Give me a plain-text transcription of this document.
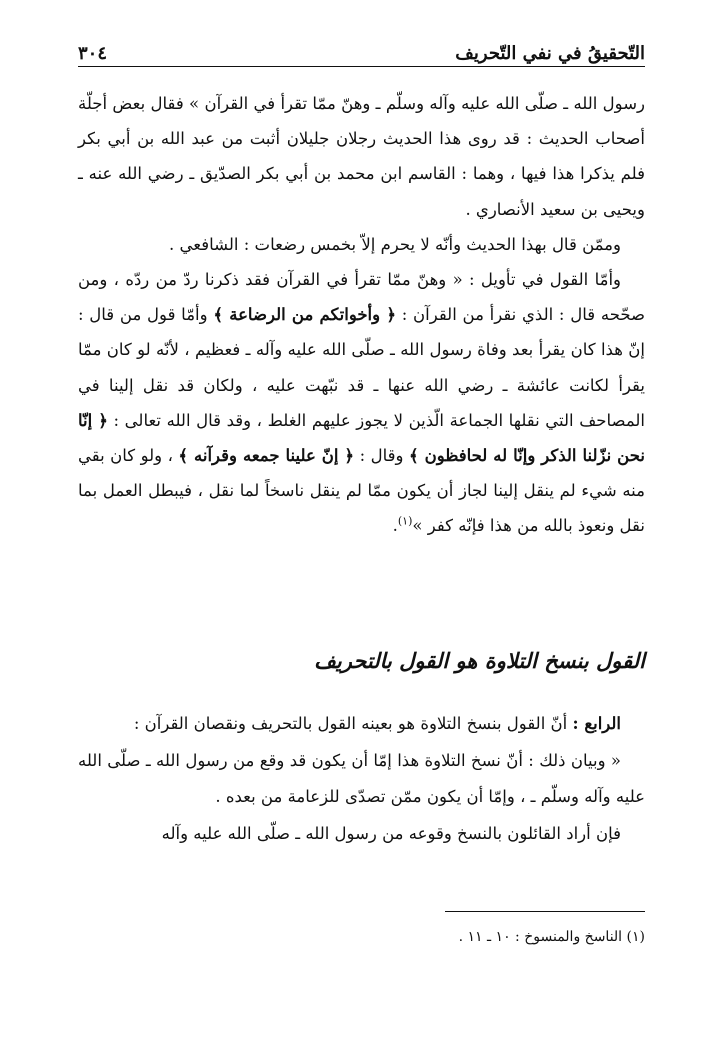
التّحقيقُ في نفي التّحريف
٣٠٤

رسول الله ـ صلّى الله عليه وآله وسلّم ـ وهنّ ممّا تقرأ في القرآن » فقال بعض أجلّة أصحاب الحديث : قد روى هذا الحديث رجلان جليلان أثبت من عبد الله بن أبي بكر فلم يذكرا هذا فيها ، وهما : القاسم ابن محمد بن أبي بكر الصدّيق ـ رضي الله عنه ـ ويحيى بن سعيد الأنصاري .

وممّن قال بهذا الحديث وأنّه لا يحرم إلاّ بخمس رضعات : الشافعي .

وأمّا القول في تأويل : « وهنّ ممّا تقرأ في القرآن فقد ذكرنا ردّ من ردّه ، ومن صحّحه قال : الذي نقرأ من القرآن : ﴿ وأخواتكم من الرضاعة ﴾ وأمّا قول من قال : إنّ هذا كان يقرأ بعد وفاة رسول الله ـ صلّى الله عليه وآله ـ فعظيم ، لأنّه لو كان ممّا يقرأ لكانت عائشة ـ رضي الله عنها ـ قد نبّهت عليه ، ولكان قد نقل إلينا في المصاحف التي نقلها الجماعة الّذين لا يجوز عليهم الغلط ، وقد قال الله تعالى : ﴿ إنّا نحن نزّلنا الذكر وإنّا له لحافظون ﴾ وقال : ﴿ إنّ علينا جمعه وقرآنه ﴾ ، ولو كان بقي منه شيء لم ينقل إلينا لجاز أن يكون ممّا لم ينقل ناسخاً لما نقل ، فيبطل العمل بما نقل ونعوذ بالله من هذا فإنّه كفر »$^{(١)}$.

القول بنسخ التلاوة هو القول بالتحريف

الرابع : أنّ القول بنسخ التلاوة هو بعينه القول بالتحريف ونقصان القرآن :

« وبيان ذلك : أنّ نسخ التلاوة هذا إمّا أن يكون قد وقع من رسول الله ـ صلّى الله عليه وآله وسلّم ـ ، وإمّا أن يكون ممّن تصدّى للزعامة من بعده .

فإن أراد القائلون بالنسخ وقوعه من رسول الله ـ صلّى الله عليه وآله

(١) الناسخ والمنسوخ : ١٠ ـ ١١ .
